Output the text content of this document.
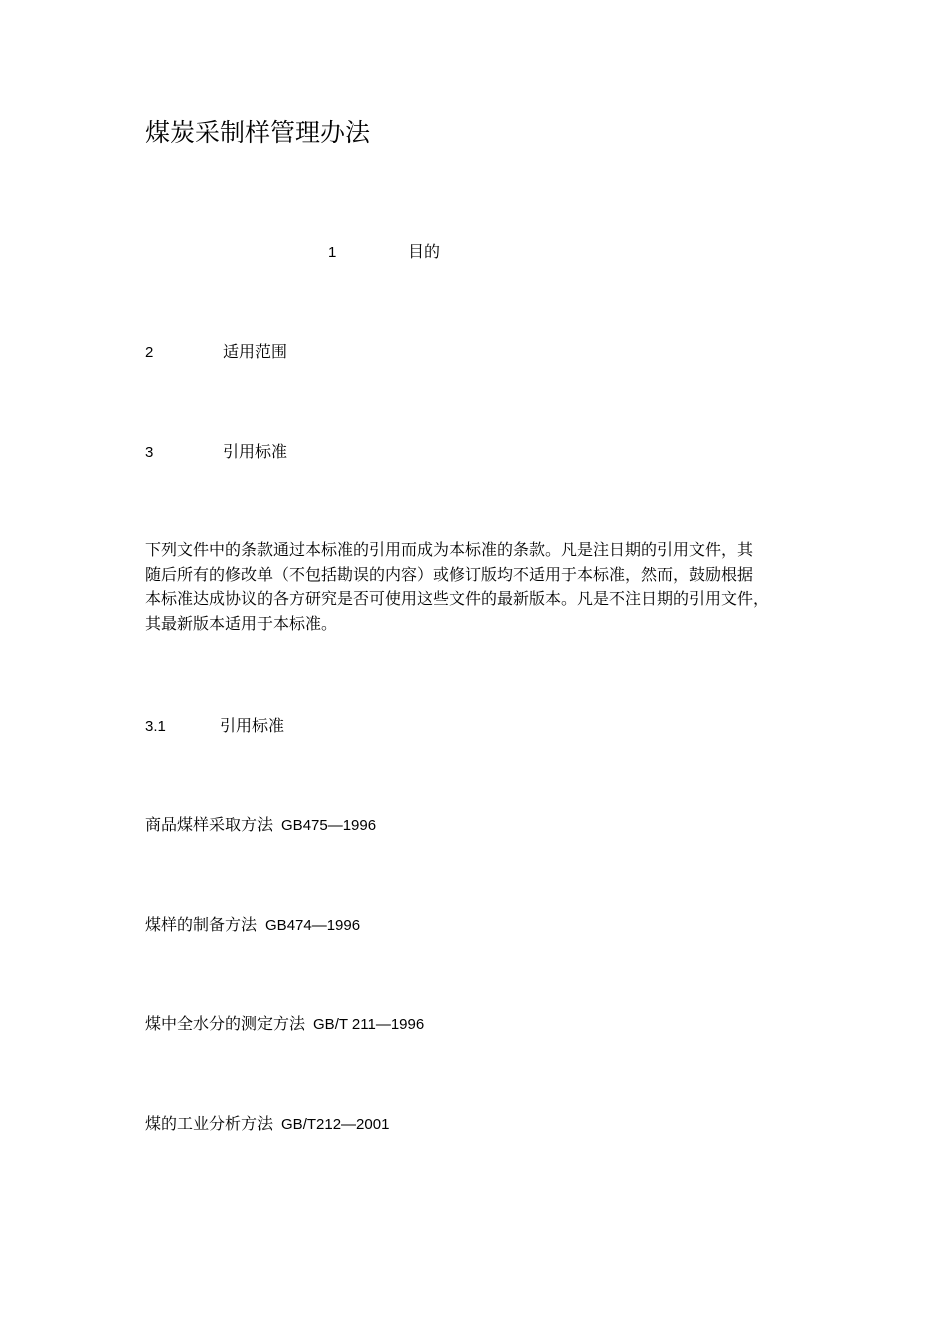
煤炭采制样管理办法
1	目的
2	适用范围
3	引用标准

下列文件中的条款通过本标准的引用而成为本标准的条款。凡是注日期的引用文件，其

随后所有的修改单（不包括勘误的内容）或修订版均不适用于本标准，然而，鼓励根据

本标准达成协议的各方研究是否可使用这些文件的最新版本。凡是不注日期的引用文件，

其最新版本适用于本标准。

3.1	引用标准
商品煤样采取方法 GB475—1996
煤样的制备方法 GB474—1996
煤中全水分的测定方法 GB/T 211—1996
煤的工业分析方法 GB/T212—2001
